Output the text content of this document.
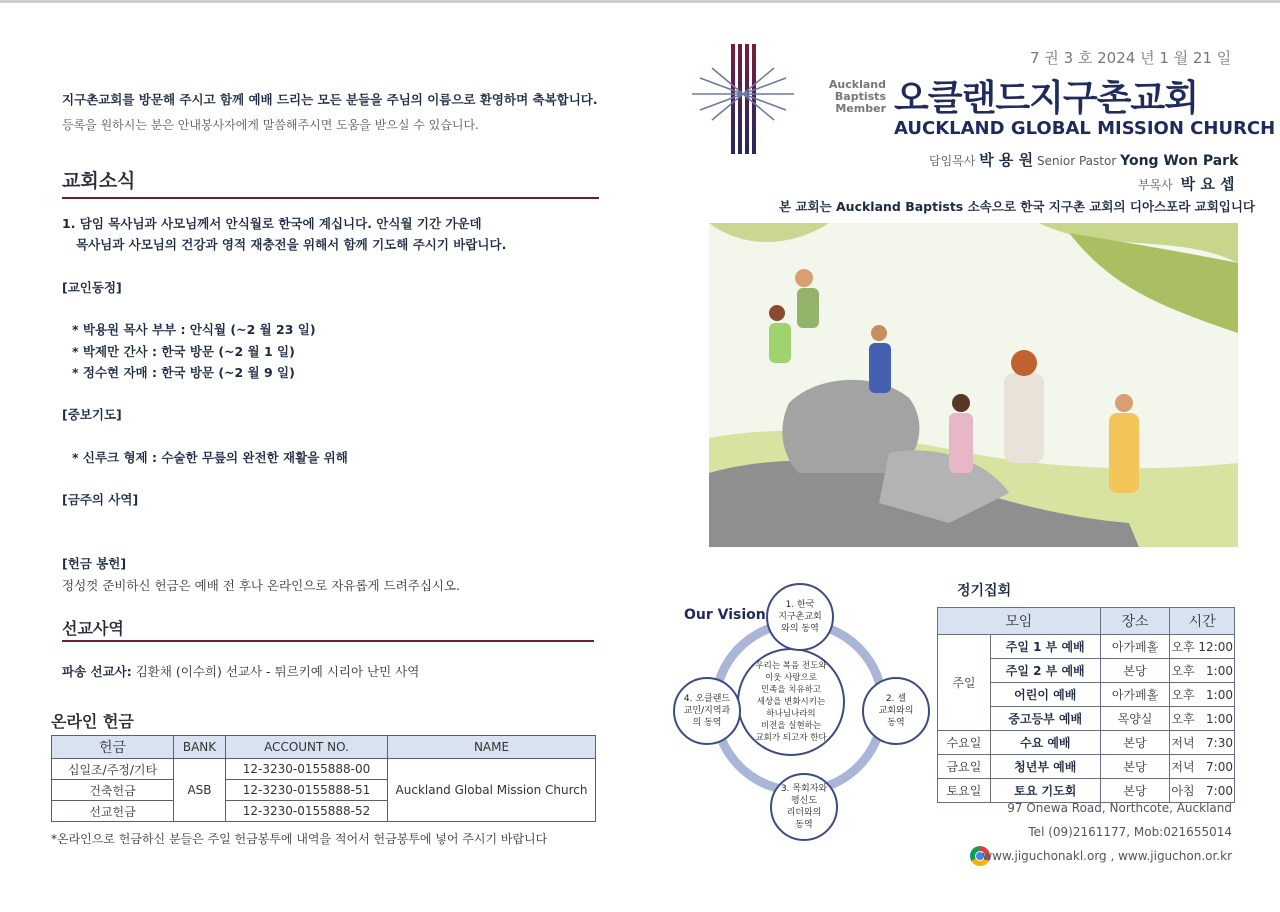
지구촌교회를 방문해 주시고 함께 예배 드리는 모든 분들을 주님의 이름으로 환영하며 축복합니다.
등록을 원하시는 분은 안내봉사자에게 말씀해주시면 도움을 받으실 수 있습니다.
교회소식
1. 담임 목사님과 사모님께서 안식월로 한국에 계십니다. 안식월 기간 가운데
목사님과 사모님의 건강과 영적 재충전을 위해서 함께 기도해 주시기 바랍니다.
[교인동정]
* 박용원 목사 부부 : 안식월 (~2 월 23 일)
* 박제만 간사 : 한국 방문 (~2 월 1 일)
* 정수현 자매 : 한국 방문 (~2 월 9 일)
[중보기도]
* 신루크 형제 : 수술한 무릎의 완전한 재활을 위해
[금주의 사역]
[헌금 봉헌]
정성껏 준비하신 헌금은 예배 전 후나 온라인으로 자유롭게 드려주십시오.
선교사역
파송 선교사: 김환채 (이수희) 선교사 - 튀르키예 시리아 난민 사역
온라인 헌금
헌금	BANK	ACCOUNT NO.	NAME
십일조/주정/기타	ASB	12-3230-0155888-00	Auckland Global Mission Church
건축헌금		12-3230-0155888-51	
선교헌금		12-3230-0155888-52	
*온라인으로 헌금하신 분들은 주일 헌금봉투에 내역을 적어서 헌금봉투에 넣어 주시기 바랍니다
7 권 3 호 2024 년 1 월 21 일
Auckland
Baptists
Member 오클랜드지구촌교회
AUCKLAND GLOBAL MISSION CHURCH
담임목사 박 용 원 Senior Pastor Yong Won Park
부목사 박 요 셉
본 교회는 Auckland Baptists 소속으로 한국 지구촌 교회의 디아스포라 교회입니다
Our Vision
우리는 복음 전도와
이웃 사랑으로
민족을 치유하고
세상을 변화시키는
하나님나라의
비전을 실현하는
교회가 되고자 한다
1. 한국
지구촌교회
와의 동역
2. 셀
교회와의
동역
3. 목회자와
평신도
리더와의
동역
4. 오클랜드
교민/지역과
의 동역
정기집회
모임		장소	시간
주일	주일 1 부 예배	아가페홀	오후 12:00
	주일 2 부 예배	본당	오후   1:00
	어린이 예배	아가페홀	오후   1:00
	중고등부 예배	목양실	오후   1:00
수요일	수요 예배	본당	저녁   7:30
금요일	청년부 예배	본당	저녁   7:00
토요일	토요 기도회	본당	아침   7:00
97 Onewa Road, Northcote, Auckland
Tel (09)2161177, Mob:021655014
www.jiguchonakl.org , www.jiguchon.or.kr
